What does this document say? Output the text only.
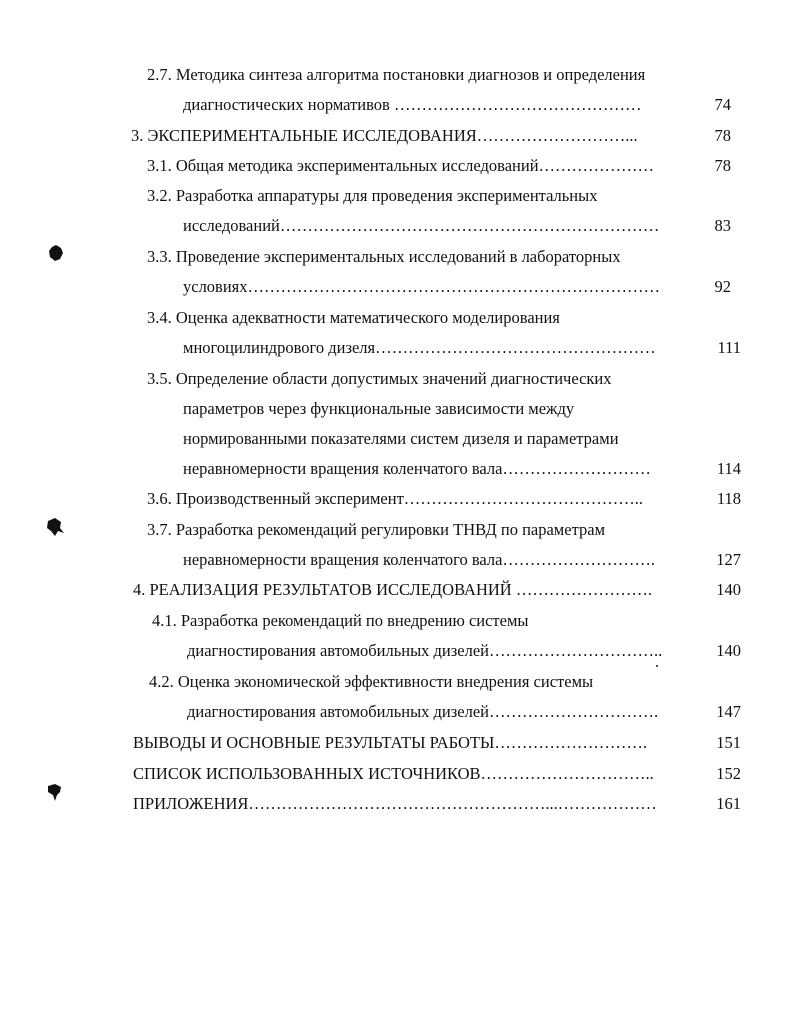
2.7. Методика синтеза алгоритма постановки диагнозов и определения
диагностических нормативов ………………………………………	74
3. ЭКСПЕРИМЕНТАЛЬНЫЕ ИССЛЕДОВАНИЯ………………………...	78
3.1. Общая методика экспериментальных исследований…………………	78
3.2. Разработка аппаратуры для проведения экспериментальных
исследований……………………………………………………………	83
3.3. Проведение экспериментальных исследований в лабораторных
условиях…………………………………………………………………	92
3.4. Оценка адекватности математического моделирования
многоцилиндрового дизеля……………………………………………	111
3.5. Определение области допустимых значений диагностических
параметров через функциональные зависимости между
нормированными показателями систем дизеля и параметрами
неравномерности вращения коленчатого вала………………………	114
3.6. Производственный эксперимент……………………………………..	118
3.7. Разработка рекомендаций регулировки ТНВД по параметрам
неравномерности вращения коленчатого вала……………………….	127
4. РЕАЛИЗАЦИЯ РЕЗУЛЬТАТОВ ИССЛЕДОВАНИЙ …………………….	140
4.1. Разработка рекомендаций по внедрению системы
диагностирования автомобильных дизелей…………………………..	140
4.2. Оценка экономической эффективности внедрения системы
диагностирования автомобильных дизелей………………………….	147
ВЫВОДЫ И ОСНОВНЫЕ РЕЗУЛЬТАТЫ РАБОТЫ……………………….	151
СПИСОК ИСПОЛЬЗОВАННЫХ ИСТОЧНИКОВ…………………………..	152
ПРИЛОЖЕНИЯ………………………………………………...………………	161
